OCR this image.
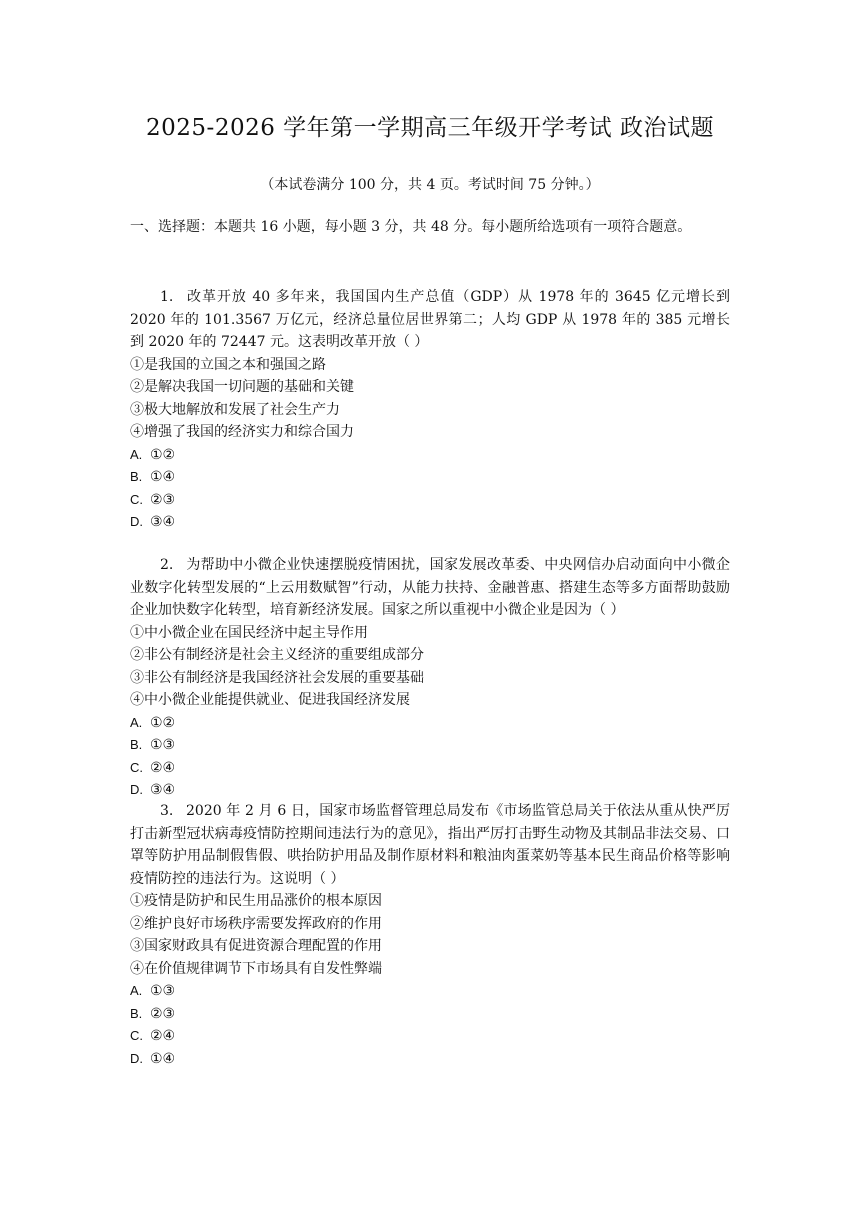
2025-2026 学年第一学期高三年级开学考试 政治试题
（本试卷满分 100 分，共 4 页。考试时间 75 分钟。）
一、选择题：本题共 16 小题，每小题 3 分，共 48 分。每小题所给选项有一项符合题意。

1. 改革开放 40 多年来，我国国内生产总值（GDP）从 1978 年的 3645 亿元增长到 2020 年的 101.3567 万亿元，经济总量位居世界第二；人均 GDP 从 1978 年的 385 元增长到 2020 年的 72447 元。这表明改革开放（ ）

①是我国的立国之本和强国之路

②是解决我国一切问题的基础和关键

③极大地解放和发展了社会生产力

④增强了我国的经济实力和综合国力

A. ①②

B. ①④

C. ②③

D. ③④

2. 为帮助中小微企业快速摆脱疫情困扰，国家发展改革委、中央网信办启动面向中小微企业数字化转型发展的“上云用数赋智”行动，从能力扶持、金融普惠、搭建生态等多方面帮助鼓励企业加快数字化转型，培育新经济发展。国家之所以重视中小微企业是因为（ ）

①中小微企业在国民经济中起主导作用

②非公有制经济是社会主义经济的重要组成部分

③非公有制经济是我国经济社会发展的重要基础

④中小微企业能提供就业、促进我国经济发展

A. ①②

B. ①③

C. ②④

D. ③④

3. 2020 年 2 月 6 日，国家市场监督管理总局发布《市场监管总局关于依法从重从快严厉打击新型冠状病毒疫情防控期间违法行为的意见》，指出严厉打击野生动物及其制品非法交易、口罩等防护用品制假售假、哄抬防护用品及制作原材料和粮油肉蛋菜奶等基本民生商品价格等影响疫情防控的违法行为。这说明（ ）

①疫情是防护和民生用品涨价的根本原因

②维护良好市场秩序需要发挥政府的作用

③国家财政具有促进资源合理配置的作用

④在价值规律调节下市场具有自发性弊端

A. ①③

B. ②③

C. ②④

D. ①④
